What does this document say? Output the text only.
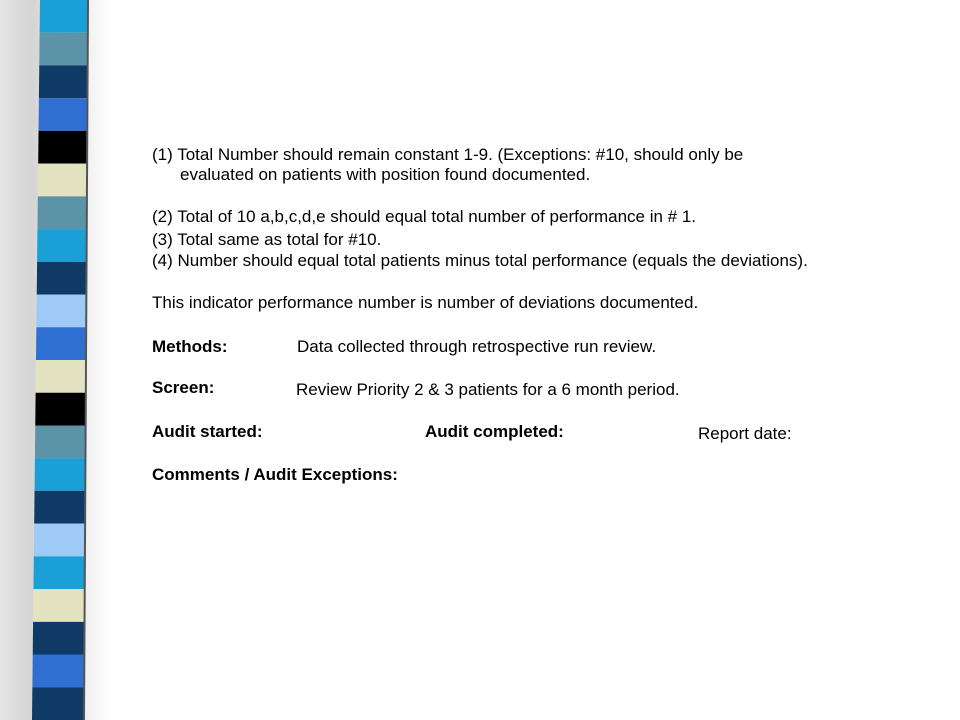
(1) Total Number should remain constant 1-9. (Exceptions: #10, should only be
evaluated on patients with position found documented.
(2) Total of 10 a,b,c,d,e should equal total number of performance in # 1.
(3) Total same as total for #10.
(4) Number should equal total patients minus total performance (equals the deviations).
This indicator performance number is number of deviations documented.
Methods:	Data collected through retrospective run review.
Screen:	Review Priority 2 & 3 patients for a 6 month period.
Audit started:	Audit completed:	Report date:
Comments / Audit Exceptions:
